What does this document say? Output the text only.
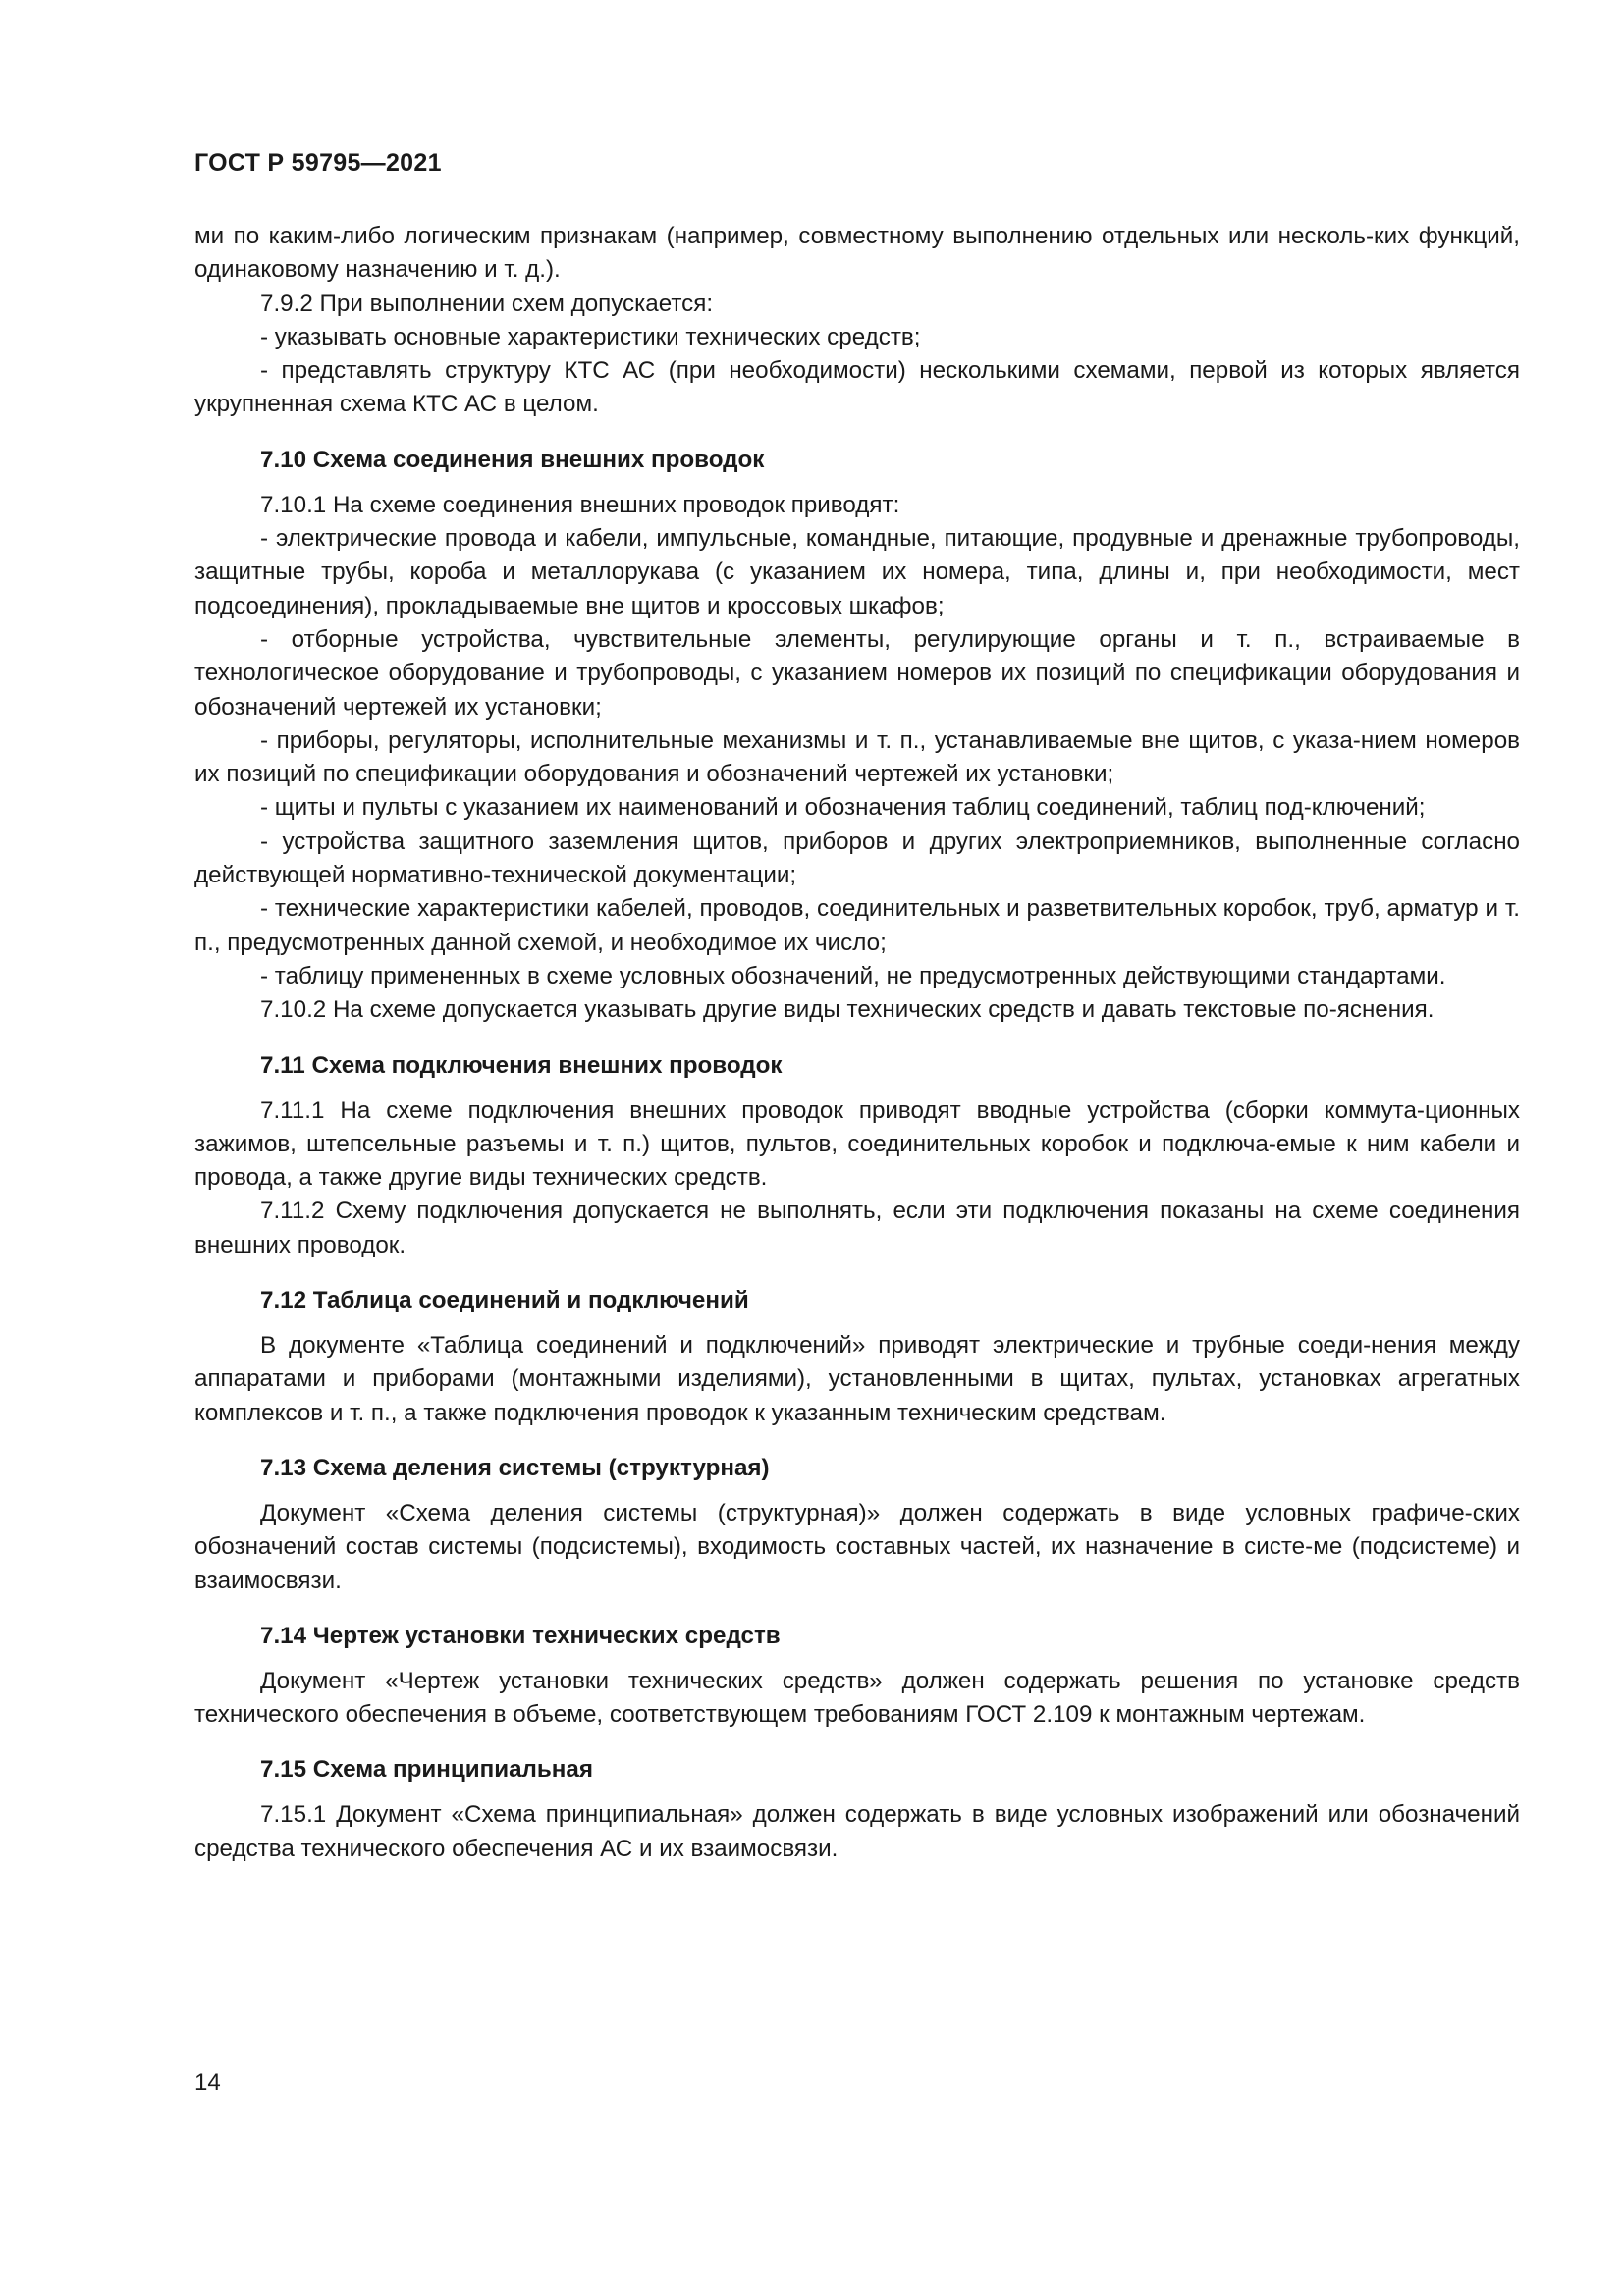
ГОСТ Р 59795—2021

ми по каким-либо логическим признакам (например, совместному выполнению отдельных или несколь-ких функций, одинаковому назначению и т. д.).

7.9.2 При выполнении схем допускается:

- указывать основные характеристики технических средств;

- представлять структуру КТС АС (при необходимости) несколькими схемами, первой из которых является укрупненная схема КТС АС в целом.

7.10 Схема соединения внешних проводок

7.10.1 На схеме соединения внешних проводок приводят:

- электрические провода и кабели, импульсные, командные, питающие, продувные и дренажные трубопроводы, защитные трубы, короба и металлорукава (с указанием их номера, типа, длины и, при необходимости, мест подсоединения), прокладываемые вне щитов и кроссовых шкафов;

- отборные устройства, чувствительные элементы, регулирующие органы и т. п., встраиваемые в технологическое оборудование и трубопроводы, с указанием номеров их позиций по спецификации оборудования и обозначений чертежей их установки;

- приборы, регуляторы, исполнительные механизмы и т. п., устанавливаемые вне щитов, с указа-нием номеров их позиций по спецификации оборудования и обозначений чертежей их установки;

- щиты и пульты с указанием их наименований и обозначения таблиц соединений, таблиц под-ключений;

- устройства защитного заземления щитов, приборов и других электроприемников, выполненные согласно действующей нормативно-технической документации;

- технические характеристики кабелей, проводов, соединительных и разветвительных коробок, труб, арматур и т. п., предусмотренных данной схемой, и необходимое их число;

- таблицу примененных в схеме условных обозначений, не предусмотренных действующими стандартами.

7.10.2 На схеме допускается указывать другие виды технических средств и давать текстовые по-яснения.

7.11 Схема подключения внешних проводок

7.11.1 На схеме подключения внешних проводок приводят вводные устройства (сборки коммута-ционных зажимов, штепсельные разъемы и т. п.) щитов, пультов, соединительных коробок и подключа-емые к ним кабели и провода, а также другие виды технических средств.

7.11.2 Схему подключения допускается не выполнять, если эти подключения показаны на схеме соединения внешних проводок.

7.12 Таблица соединений и подключений

В документе «Таблица соединений и подключений» приводят электрические и трубные соеди-нения между аппаратами и приборами (монтажными изделиями), установленными в щитах, пультах, установках агрегатных комплексов и т. п., а также подключения проводок к указанным техническим средствам.

7.13 Схема деления системы (структурная)

Документ «Схема деления системы (структурная)» должен содержать в виде условных графиче-ских обозначений состав системы (подсистемы), входимость составных частей, их назначение в систе-ме (подсистеме) и взаимосвязи.

7.14 Чертеж установки технических средств

Документ «Чертеж установки технических средств» должен содержать решения по установке средств технического обеспечения в объеме, соответствующем требованиям ГОСТ 2.109 к монтажным чертежам.

7.15 Схема принципиальная

7.15.1 Документ «Схема принципиальная» должен содержать в виде условных изображений или обозначений средства технического обеспечения АС и их взаимосвязи.

14
